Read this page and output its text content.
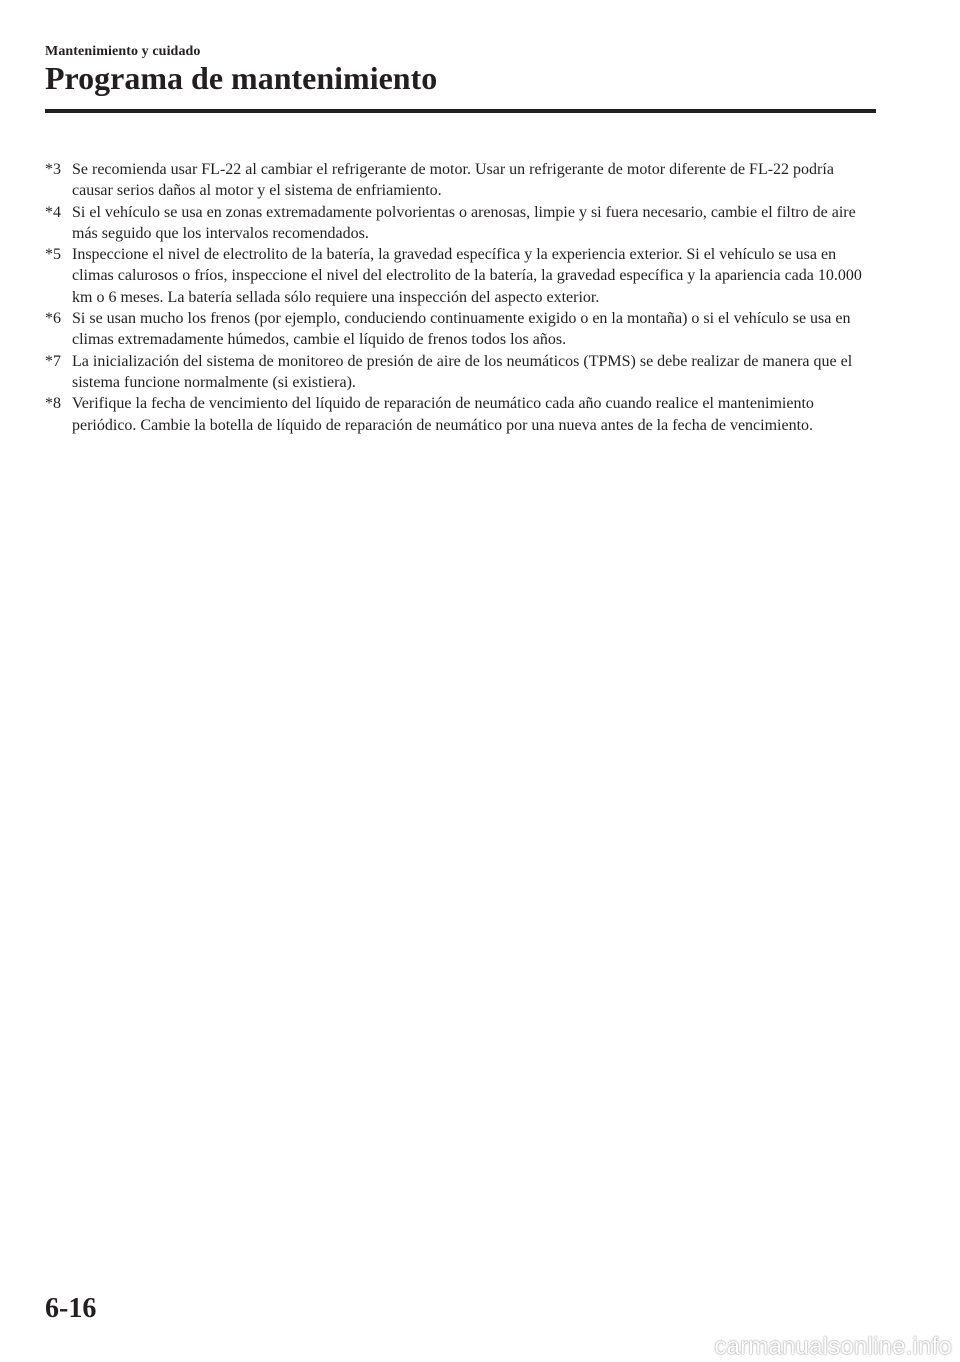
Mantenimiento y cuidado
Programa de mantenimiento
*3 Se recomienda usar FL-22 al cambiar el refrigerante de motor. Usar un refrigerante de motor diferente de FL-22 podría causar serios daños al motor y el sistema de enfriamiento.
*4 Si el vehículo se usa en zonas extremadamente polvorientas o arenosas, limpie y si fuera necesario, cambie el filtro de aire más seguido que los intervalos recomendados.
*5 Inspeccione el nivel de electrolito de la batería, la gravedad específica y la experiencia exterior. Si el vehículo se usa en climas calurosos o fríos, inspeccione el nivel del electrolito de la batería, la gravedad específica y la apariencia cada 10.000 km o 6 meses. La batería sellada sólo requiere una inspección del aspecto exterior.
*6 Si se usan mucho los frenos (por ejemplo, conduciendo continuamente exigido o en la montaña) o si el vehículo se usa en climas extremadamente húmedos, cambie el líquido de frenos todos los años.
*7 La inicialización del sistema de monitoreo de presión de aire de los neumáticos (TPMS) se debe realizar de manera que el sistema funcione normalmente (si existiera).
*8 Verifique la fecha de vencimiento del líquido de reparación de neumático cada año cuando realice el mantenimiento periódico. Cambie la botella de líquido de reparación de neumático por una nueva antes de la fecha de vencimiento.
6-16
carmanualsonline.info
